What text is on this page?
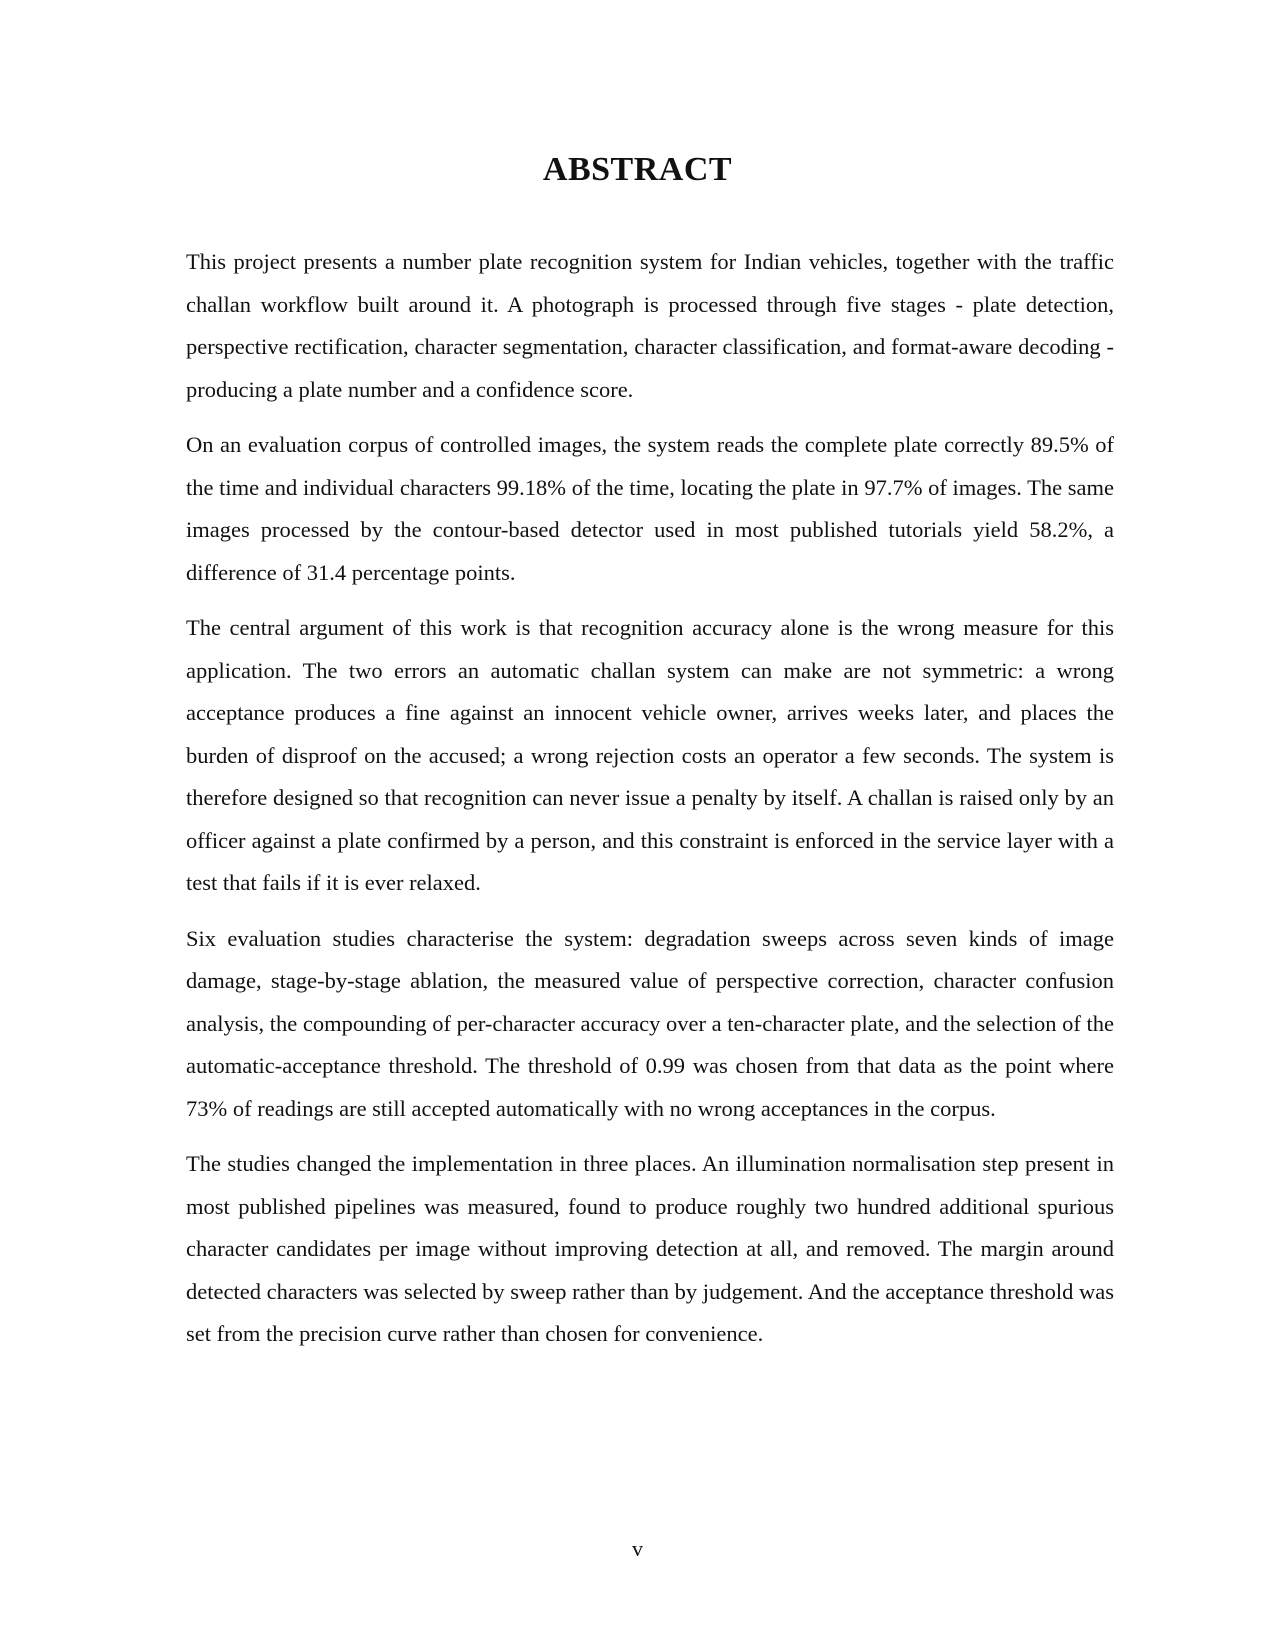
ABSTRACT

This project presents a number plate recognition system for Indian vehicles, together with the traffic challan workflow built around it. A photograph is processed through five stages - plate detection, perspective rectification, character segmentation, character classification, and format-aware decoding - producing a plate number and a confidence score.

On an evaluation corpus of controlled images, the system reads the complete plate correctly 89.5% of the time and individual characters 99.18% of the time, locating the plate in 97.7% of images. The same images processed by the contour-based detector used in most published tutorials yield 58.2%, a difference of 31.4 percentage points.

The central argument of this work is that recognition accuracy alone is the wrong measure for this application. The two errors an automatic challan system can make are not symmetric: a wrong acceptance produces a fine against an innocent vehicle owner, arrives weeks later, and places the burden of disproof on the accused; a wrong rejection costs an operator a few seconds. The system is therefore designed so that recognition can never issue a penalty by itself. A challan is raised only by an officer against a plate confirmed by a person, and this constraint is enforced in the service layer with a test that fails if it is ever relaxed.

Six evaluation studies characterise the system: degradation sweeps across seven kinds of image damage, stage-by-stage ablation, the measured value of perspective correction, character confusion analysis, the compounding of per-character accuracy over a ten-character plate, and the selection of the automatic-acceptance threshold. The threshold of 0.99 was chosen from that data as the point where 73% of readings are still accepted automatically with no wrong acceptances in the corpus.

The studies changed the implementation in three places. An illumination normalisation step present in most published pipelines was measured, found to produce roughly two hundred additional spurious character candidates per image without improving detection at all, and removed. The margin around detected characters was selected by sweep rather than by judgement. And the acceptance threshold was set from the precision curve rather than chosen for convenience.

v
